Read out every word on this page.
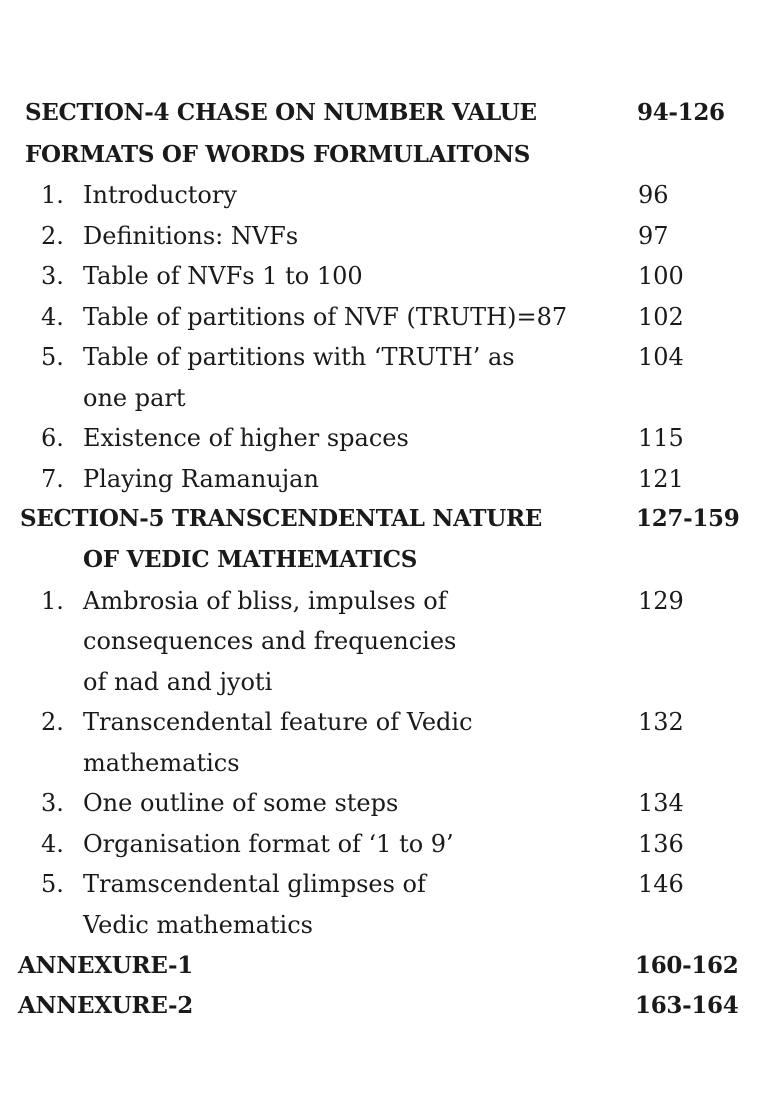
SECTION-4 CHASE ON NUMBER VALUE	94-126
FORMATS OF WORDS FORMULAITONS
1. Introductory	96
2. Definitions: NVFs	97
3. Table of NVFs 1 to 100	100
4. Table of partitions of NVF (TRUTH)=87	102
5. Table of partitions with ‘TRUTH’ as	104
one part
6. Existence of higher spaces	115
7. Playing Ramanujan	121
SECTION-5 TRANSCENDENTAL NATURE	127-159
OF VEDIC MATHEMATICS
1. Ambrosia of bliss, impulses of	129
consequences and frequencies
of nad and jyoti
2. Transcendental feature of Vedic	132
mathematics
3. One outline of some steps	134
4. Organisation format of ‘1 to 9’	136
5. Tramscendental glimpses of	146
Vedic mathematics
ANNEXURE-1	160-162
ANNEXURE-2	163-164
